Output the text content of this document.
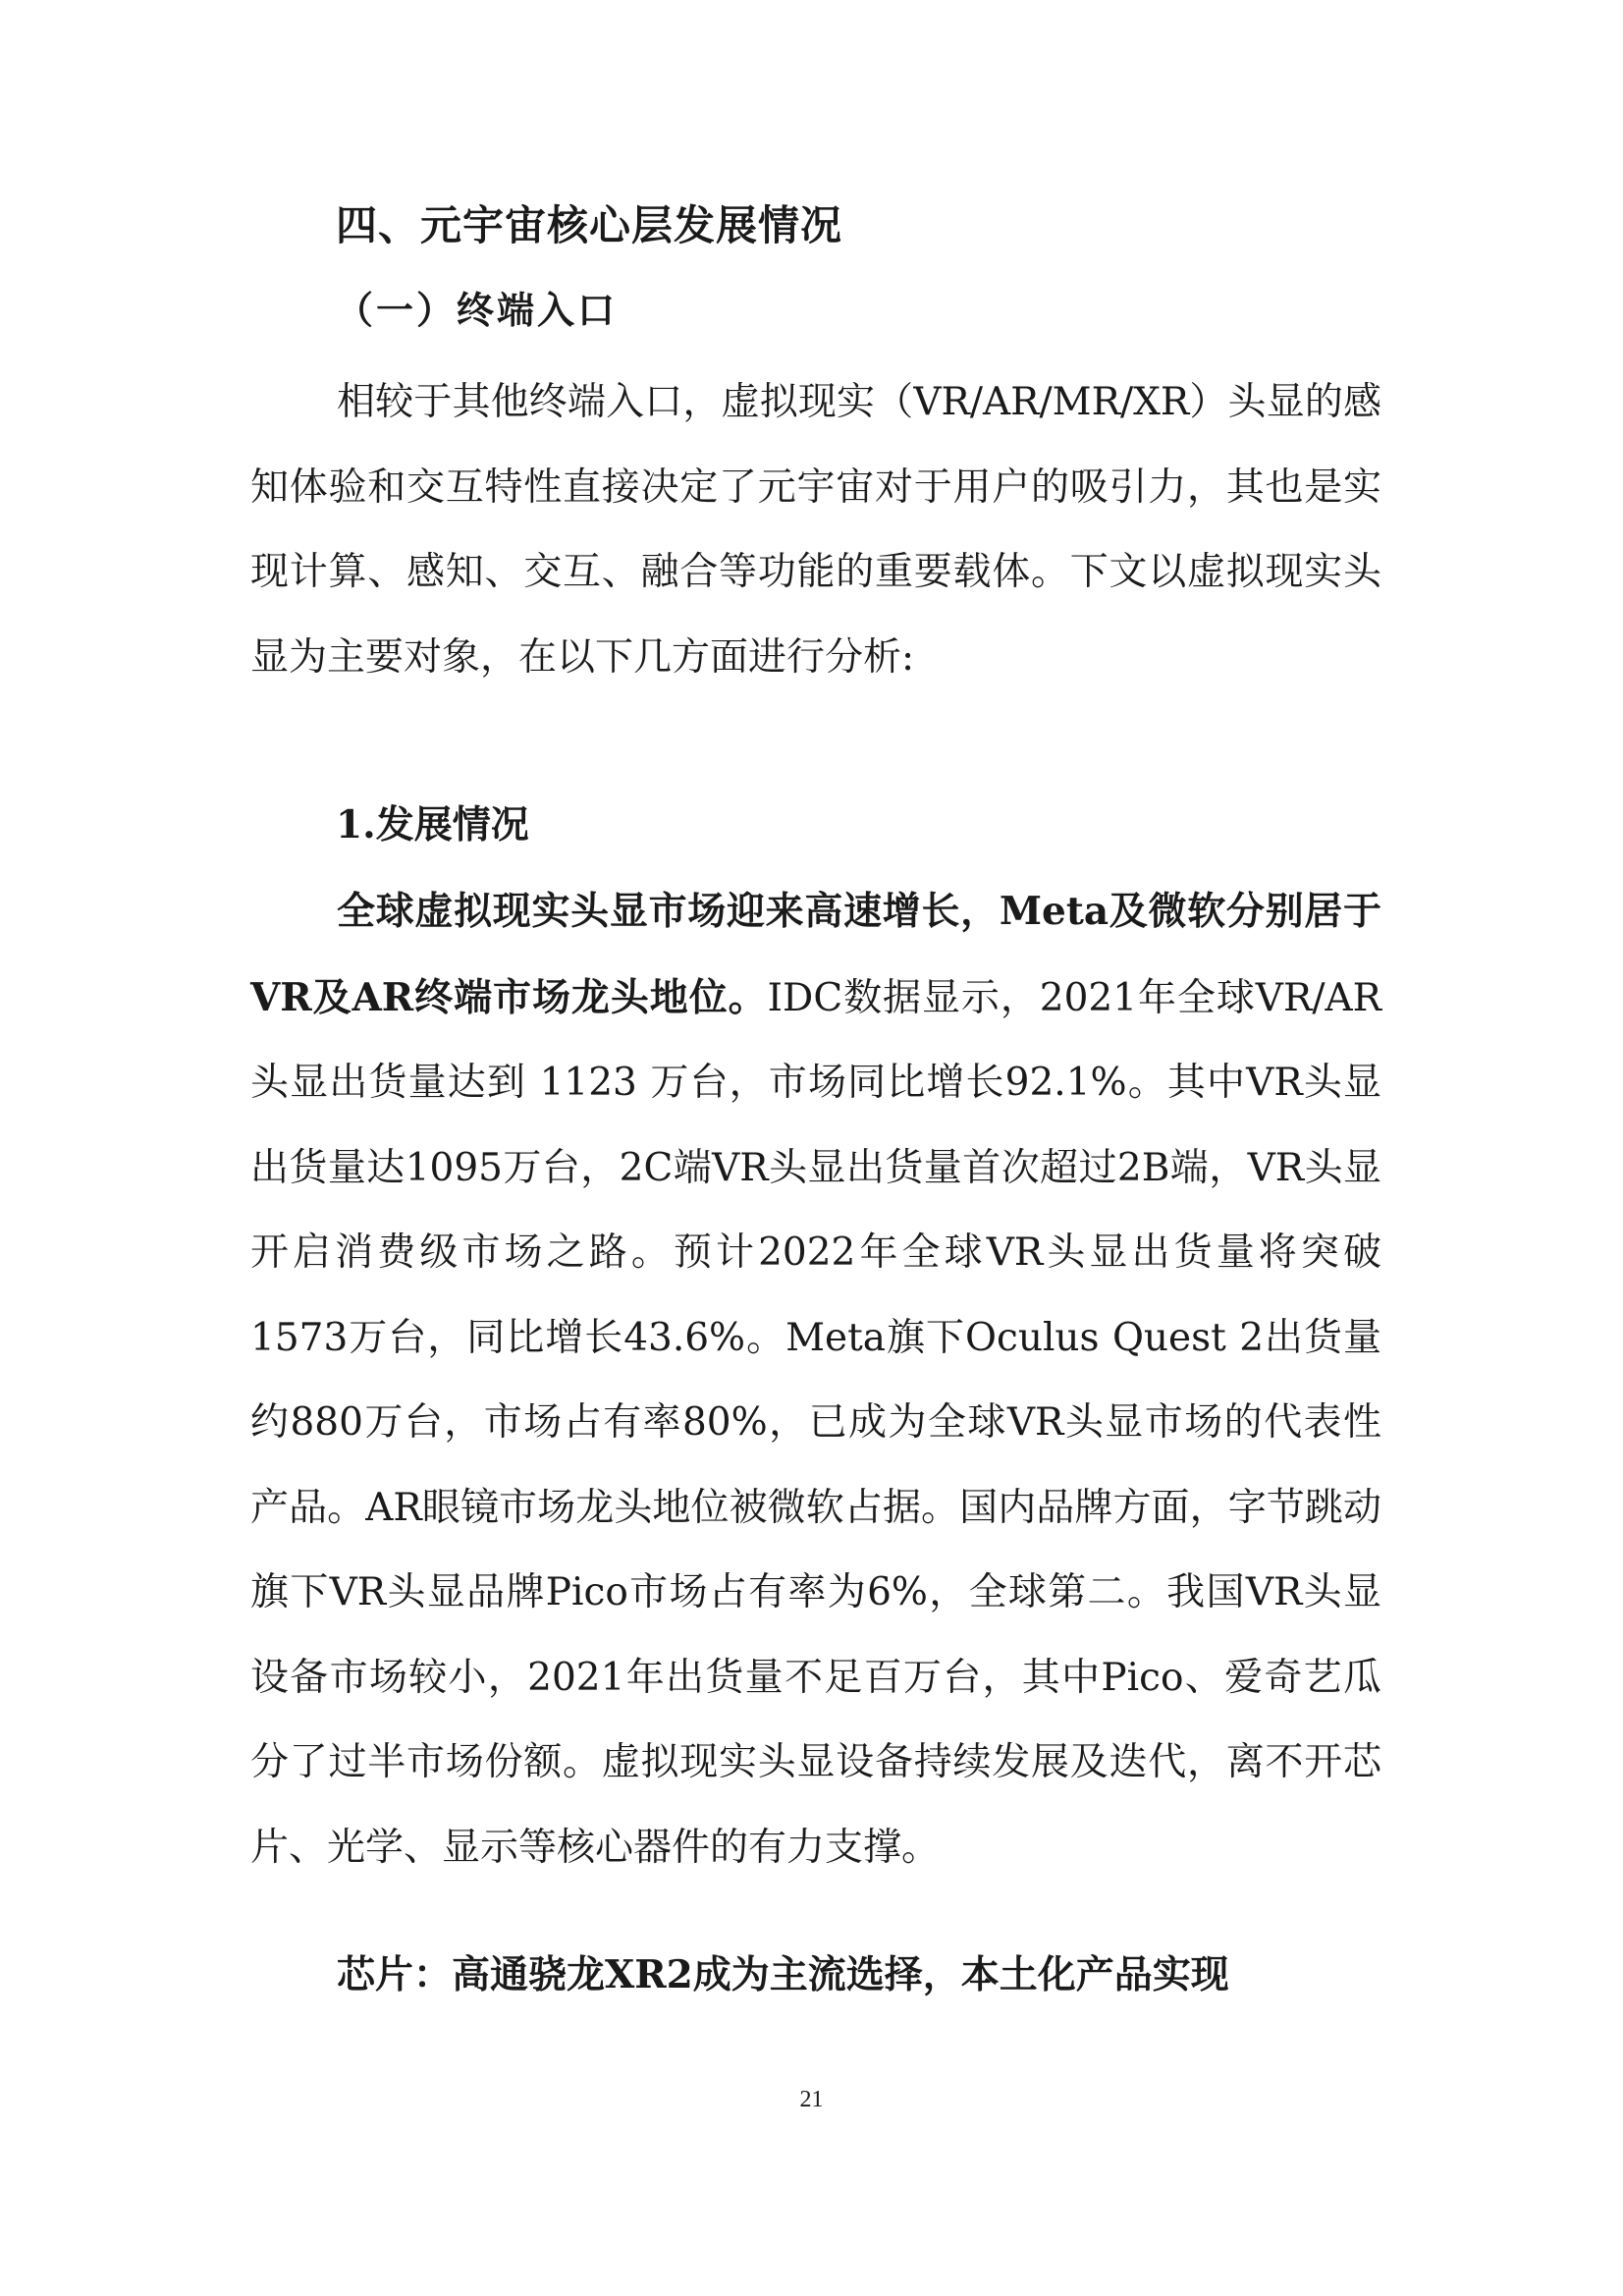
四、元宇宙核心层发展情况
（一）终端入口

相较于其他终端入口，虚拟现实（VR/AR/MR/XR）头显的感知体验和交互特性直接决定了元宇宙对于用户的吸引力，其也是实现计算、感知、交互、融合等功能的重要载体。下文以虚拟现实头显为主要对象，在以下几方面进行分析:

1.发展情况

全球虚拟现实头显市场迎来高速增长，Meta及微软分别居于VR及AR终端市场龙头地位。IDC数据显示，2021年全球VR/AR头显出货量达到 1123 万台，市场同比增长92.1%。其中VR头显出货量达1095万台，2C端VR头显出货量首次超过2B端，VR头显开启消费级市场之路。预计2022年全球VR头显出货量将突破1573万台，同比增长43.6%。Meta旗下Oculus Quest 2出货量约880万台，市场占有率80%，已成为全球VR头显市场的代表性产品。AR眼镜市场龙头地位被微软占据。国内品牌方面，字节跳动旗下VR头显品牌Pico市场占有率为6%，全球第二。我国VR头显设备市场较小，2021年出货量不足百万台，其中Pico、爱奇艺瓜分了过半市场份额。虚拟现实头显设备持续发展及迭代，离不开芯片、光学、显示等核心器件的有力支撑。

芯片：高通骁龙XR2成为主流选择，本土化产品实现

21
